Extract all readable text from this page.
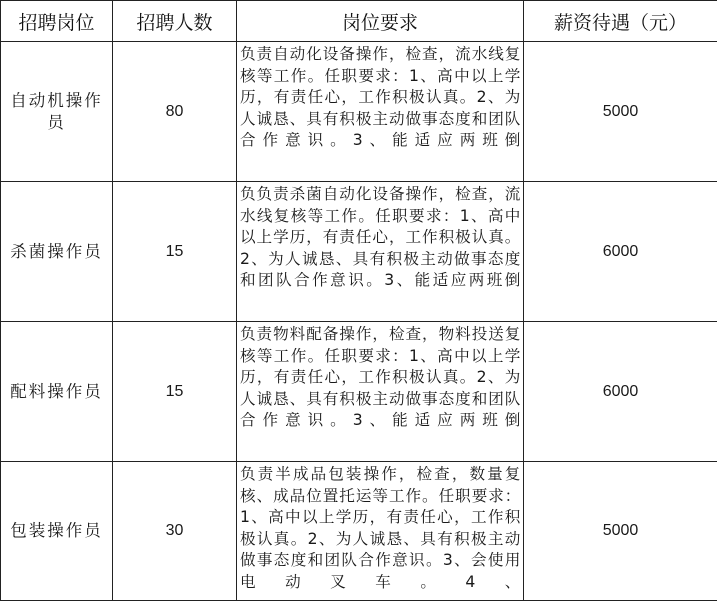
招聘岗位	招聘人数	岗位要求	薪资待遇（元）
自动机操作员	80	负责自动化设备操作，检查，流水线复核等工作。任职要求：1、高中以上学历，有责任心，工作积极认真。2、为人诚恳、具有积极主动做事态度和团队合作意识。3、能适应两班倒	5000
杀菌操作员	15	负负责杀菌自动化设备操作，检查，流水线复核等工作。任职要求：1、高中以上学历，有责任心，工作积极认真。2、为人诚恳、具有积极主动做事态度和团队合作意识。3、能适应两班倒	6000
配料操作员	15	负责物料配备操作，检查，物料投送复核等工作。任职要求：1、高中以上学历，有责任心，工作积极认真。2、为人诚恳、具有积极主动做事态度和团队合作意识。3、能适应两班倒	6000
包装操作员	30	负责半成品包装操作，检查，数量复核、成品位置托运等工作。任职要求：1、高中以上学历，有责任心，工作积极认真。2、为人诚恳、具有积极主动做事态度和团队合作意识。3、会使用电动叉车。4、	5000
